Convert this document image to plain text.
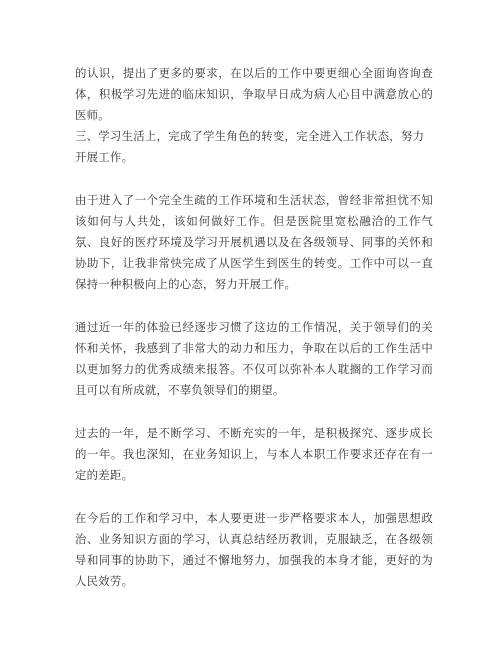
的认识，提出了更多的要求，在以后的工作中要更细心全面询咨询查体，积极学习先进的临床知识，争取早日成为病人心目中满意放心的医师。

三、学习生活上，完成了学生角色的转变，完全进入工作状态，努力开展工作。

由于进入了一个完全生疏的工作环境和生活状态，曾经非常担忧不知该如何与人共处，该如何做好工作。但是医院里宽松融洽的工作气氛、良好的医疗环境及学习开展机遇以及在各级领导、同事的关怀和协助下，让我非常快完成了从医学生到医生的转变。工作中可以一直保持一种积极向上的心态，努力开展工作。

通过近一年的体验已经逐步习惯了这边的工作情况，关于领导们的关怀和关怀，我感到了非常大的动力和压力，争取在以后的工作生活中以更加努力的优秀成绩来报答。不仅可以弥补本人耽搁的工作学习而且可以有所成就，不辜负领导们的期望。

过去的一年，是不断学习、不断充实的一年，是积极探究、逐步成长的一年。我也深知，在业务知识上，与本人本职工作要求还存在有一定的差距。

在今后的工作和学习中，本人要更进一步严格要求本人，加强思想政治、业务知识方面的学习，认真总结经历教训，克服缺乏，在各级领导和同事的协助下，通过不懈地努力，加强我的本身才能，更好的为人民效劳。
